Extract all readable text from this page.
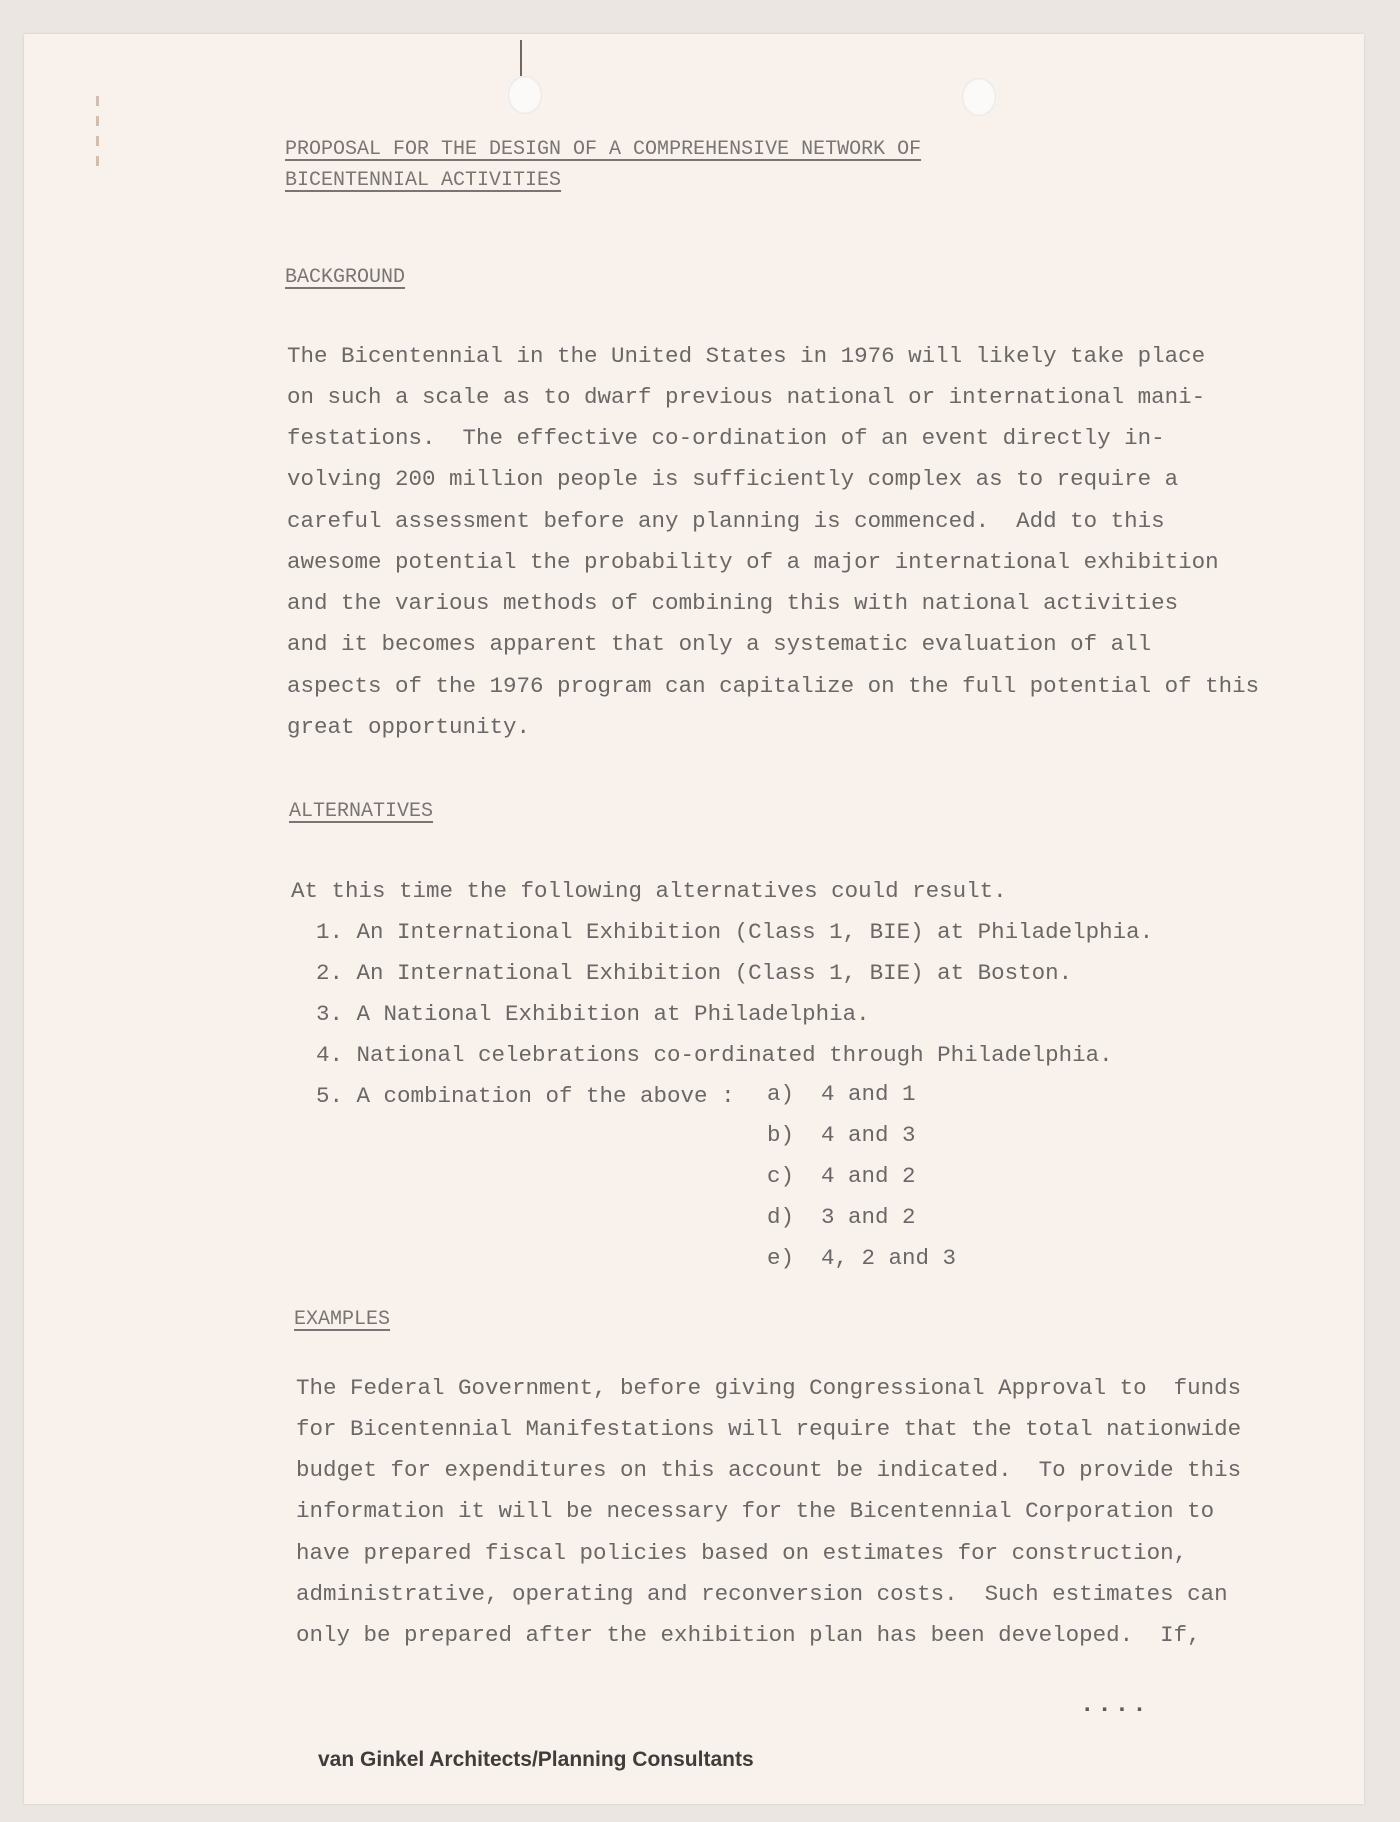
PROPOSAL FOR THE DESIGN OF A COMPREHENSIVE NETWORK OF
BICENTENNIAL ACTIVITIES
BACKGROUND
The Bicentennial in the United States in 1976 will likely take place
on such a scale as to dwarf previous national or international mani-
festations.  The effective co-ordination of an event directly in-
volving 200 million people is sufficiently complex as to require a
careful assessment before any planning is commenced.  Add to this
awesome potential the probability of a major international exhibition
and the various methods of combining this with national activities
and it becomes apparent that only a systematic evaluation of all
aspects of the 1976 program can capitalize on the full potential of this
great opportunity.
ALTERNATIVES
At this time the following alternatives could result.
1. An International Exhibition (Class 1, BIE) at Philadelphia.
2. An International Exhibition (Class 1, BIE) at Boston.
3. A National Exhibition at Philadelphia.
4. National celebrations co-ordinated through Philadelphia.
5. A combination of the above : a)  4 and 1
b)  4 and 3
c)  4 and 2
d)  3 and 2
e)  4, 2 and 3
EXAMPLES
The Federal Government, before giving Congressional Approval to  funds
for Bicentennial Manifestations will require that the total nationwide
budget for expenditures on this account be indicated.  To provide this
information it will be necessary for the Bicentennial Corporation to
have prepared fiscal policies based on estimates for construction,
administrative, operating and reconversion costs.  Such estimates can
only be prepared after the exhibition plan has been developed.  If,
....
van Ginkel Architects/Planning Consultants
